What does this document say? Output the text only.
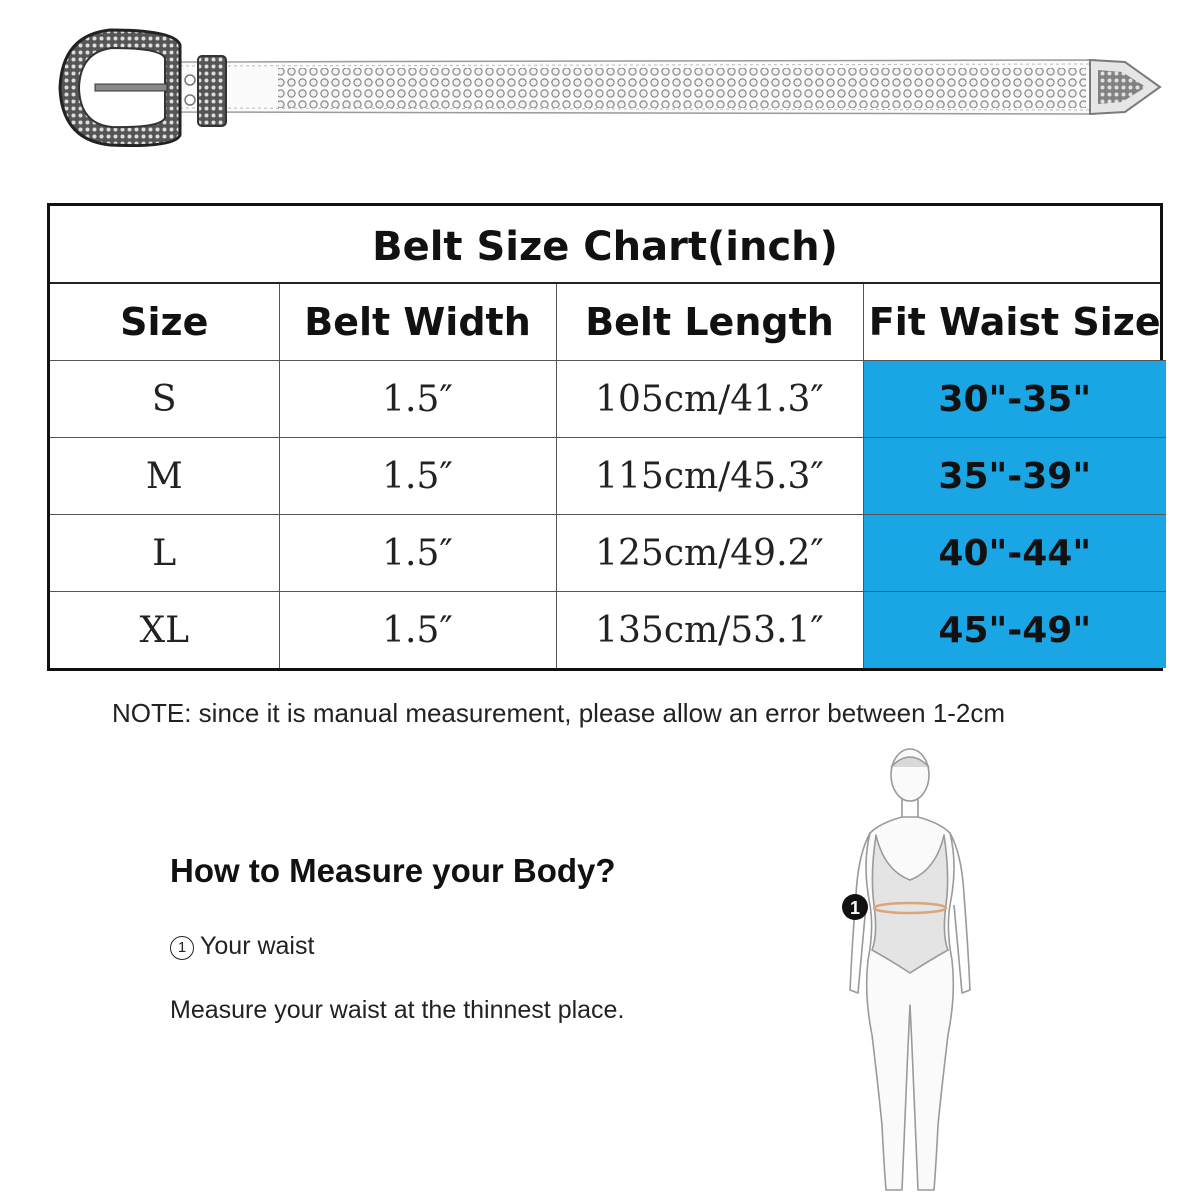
Belt Size Chart(inch)
Size	Belt Width	Belt Length	Fit Waist Size
S	1.5″	105cm/41.3″	30"-35"
M	1.5″	115cm/45.3″	35"-39"
L	1.5″	125cm/49.2″	40"-44"
XL	1.5″	135cm/53.1″	45"-49"
NOTE: since it is manual measurement, please allow an error between 1-2cm
How to Measure your Body?
1 Your waist
Measure your waist at the thinnest place.
1
